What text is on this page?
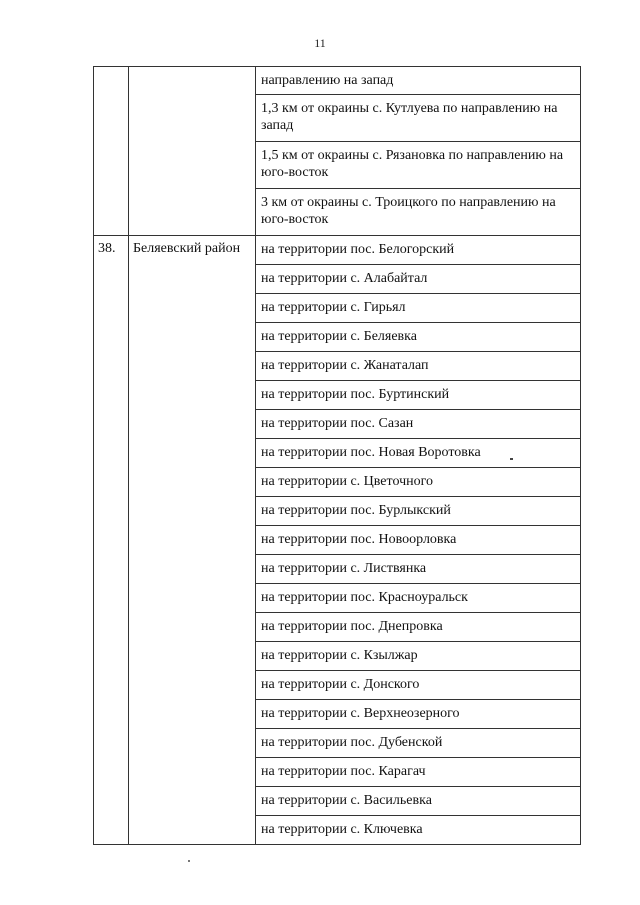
11

		направлению на запад

		1,3 км от окраины с. Кутлуева по направлению на запад

		1,5 км от окраины с. Рязановка по направлению на юго-восток

		3 км от окраины с. Троицкого по направлению на юго-восток

38.	Беляевский район	на территории пос. Белогорский

		на территории с. Алабайтал

		на территории с. Гирьял

		на территории с. Беляевка

		на территории с. Жанаталап

		на территории пос. Буртинский

		на территории пос. Сазан

		на территории пос. Новая Воротовка

		на территории с. Цветочного

		на территории пос. Бурлыкский

		на территории пос. Новоорловка

		на территории с. Листвянка

		на территории пос. Красноуральск

		на территории пос. Днепровка

		на территории с. Кзылжар

		на территории с. Донского

		на территории с. Верхнеозерного

		на территории пос. Дубенской

		на территории пос. Карагач

		на территории с. Васильевка

		на территории с. Ключевка
